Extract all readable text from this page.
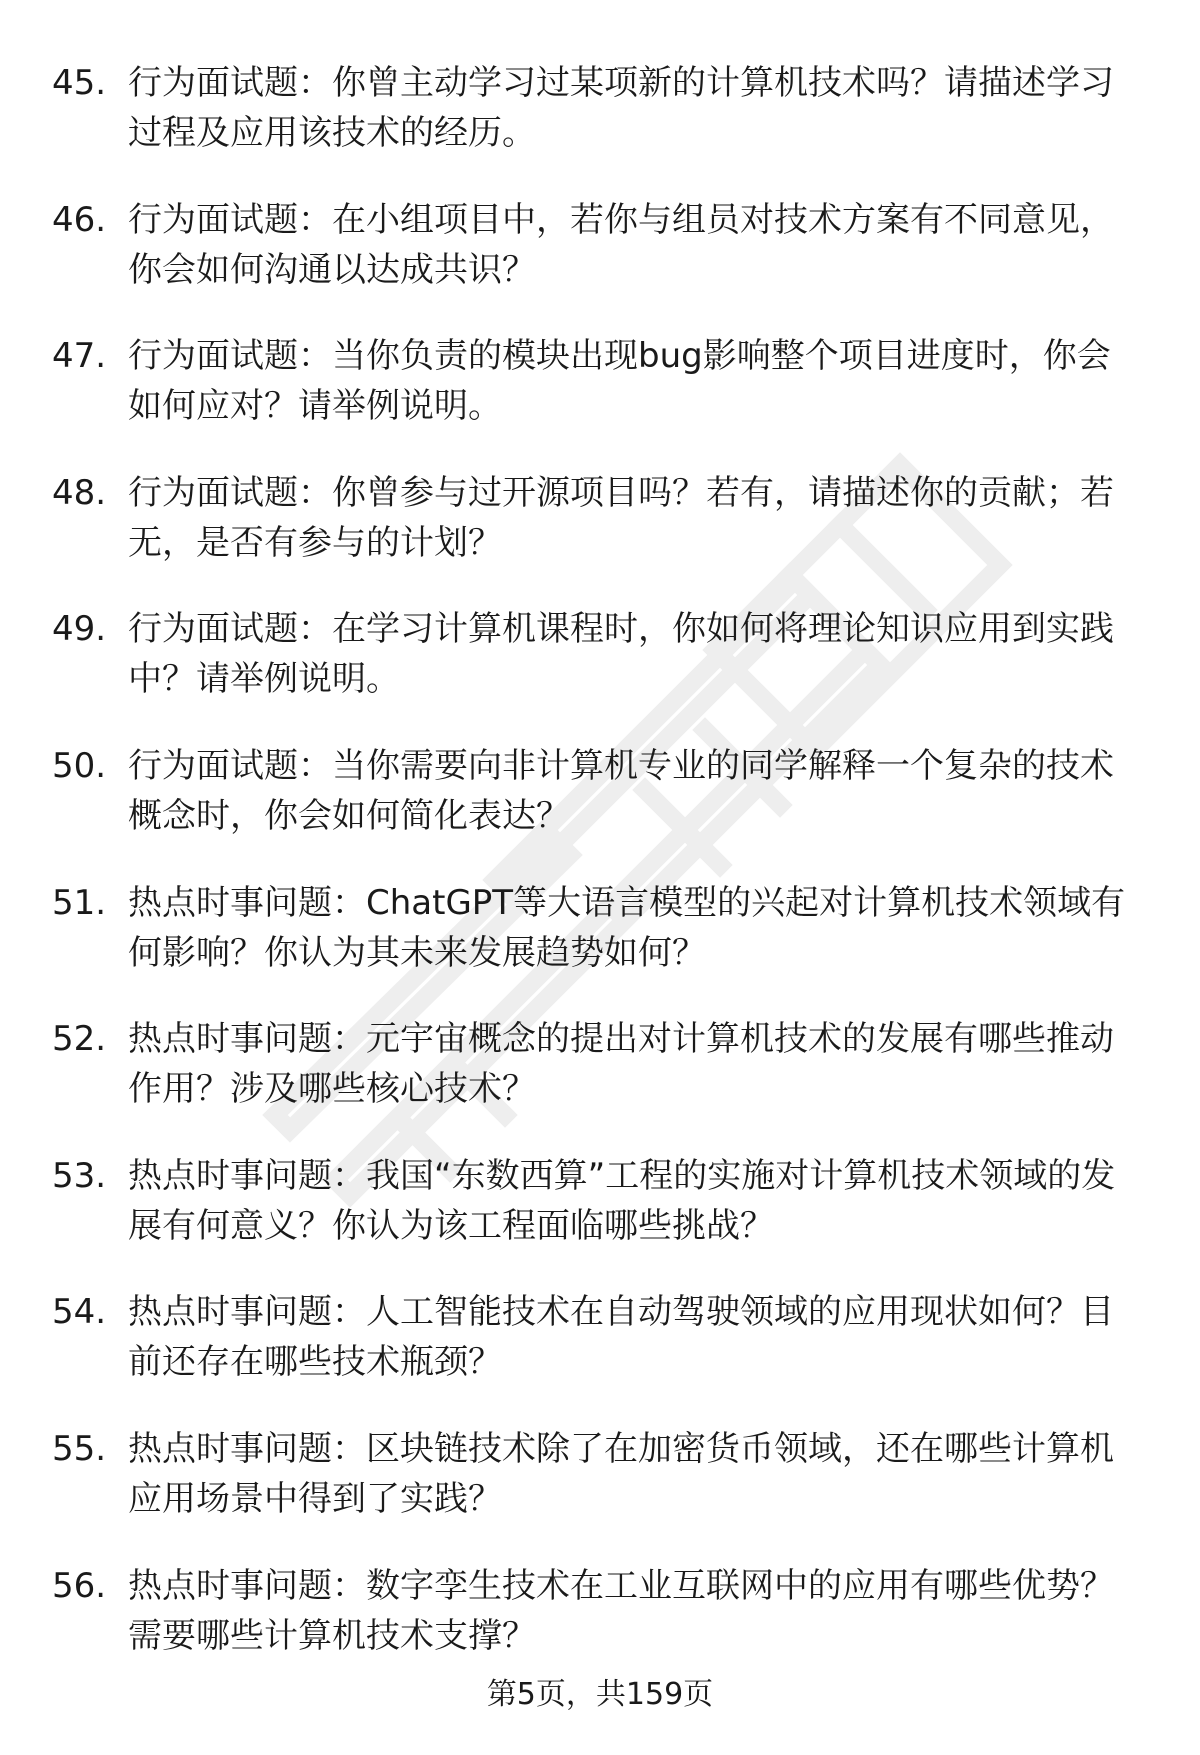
45. 行为面试题：你曾主动学习过某项新的计算机技术吗？请描述学习过程及应用该技术的经历。
46. 行为面试题：在小组项目中，若你与组员对技术方案有不同意见，你会如何沟通以达成共识？
47. 行为面试题：当你负责的模块出现bug影响整个项目进度时，你会如何应对？请举例说明。
48. 行为面试题：你曾参与过开源项目吗？若有，请描述你的贡献；若无，是否有参与的计划？
49. 行为面试题：在学习计算机课程时，你如何将理论知识应用到实践中？请举例说明。
50. 行为面试题：当你需要向非计算机专业的同学解释一个复杂的技术概念时，你会如何简化表达？
51. 热点时事问题：ChatGPT等大语言模型的兴起对计算机技术领域有何影响？你认为其未来发展趋势如何？
52. 热点时事问题：元宇宙概念的提出对计算机技术的发展有哪些推动作用？涉及哪些核心技术？
53. 热点时事问题：我国“东数西算”工程的实施对计算机技术领域的发展有何意义？你认为该工程面临哪些挑战？
54. 热点时事问题：人工智能技术在自动驾驶领域的应用现状如何？目前还存在哪些技术瓶颈？
55. 热点时事问题：区块链技术除了在加密货币领域，还在哪些计算机应用场景中得到了实践？
56. 热点时事问题：数字孪生技术在工业互联网中的应用有哪些优势？需要哪些计算机技术支撑？
第5页，共159页
